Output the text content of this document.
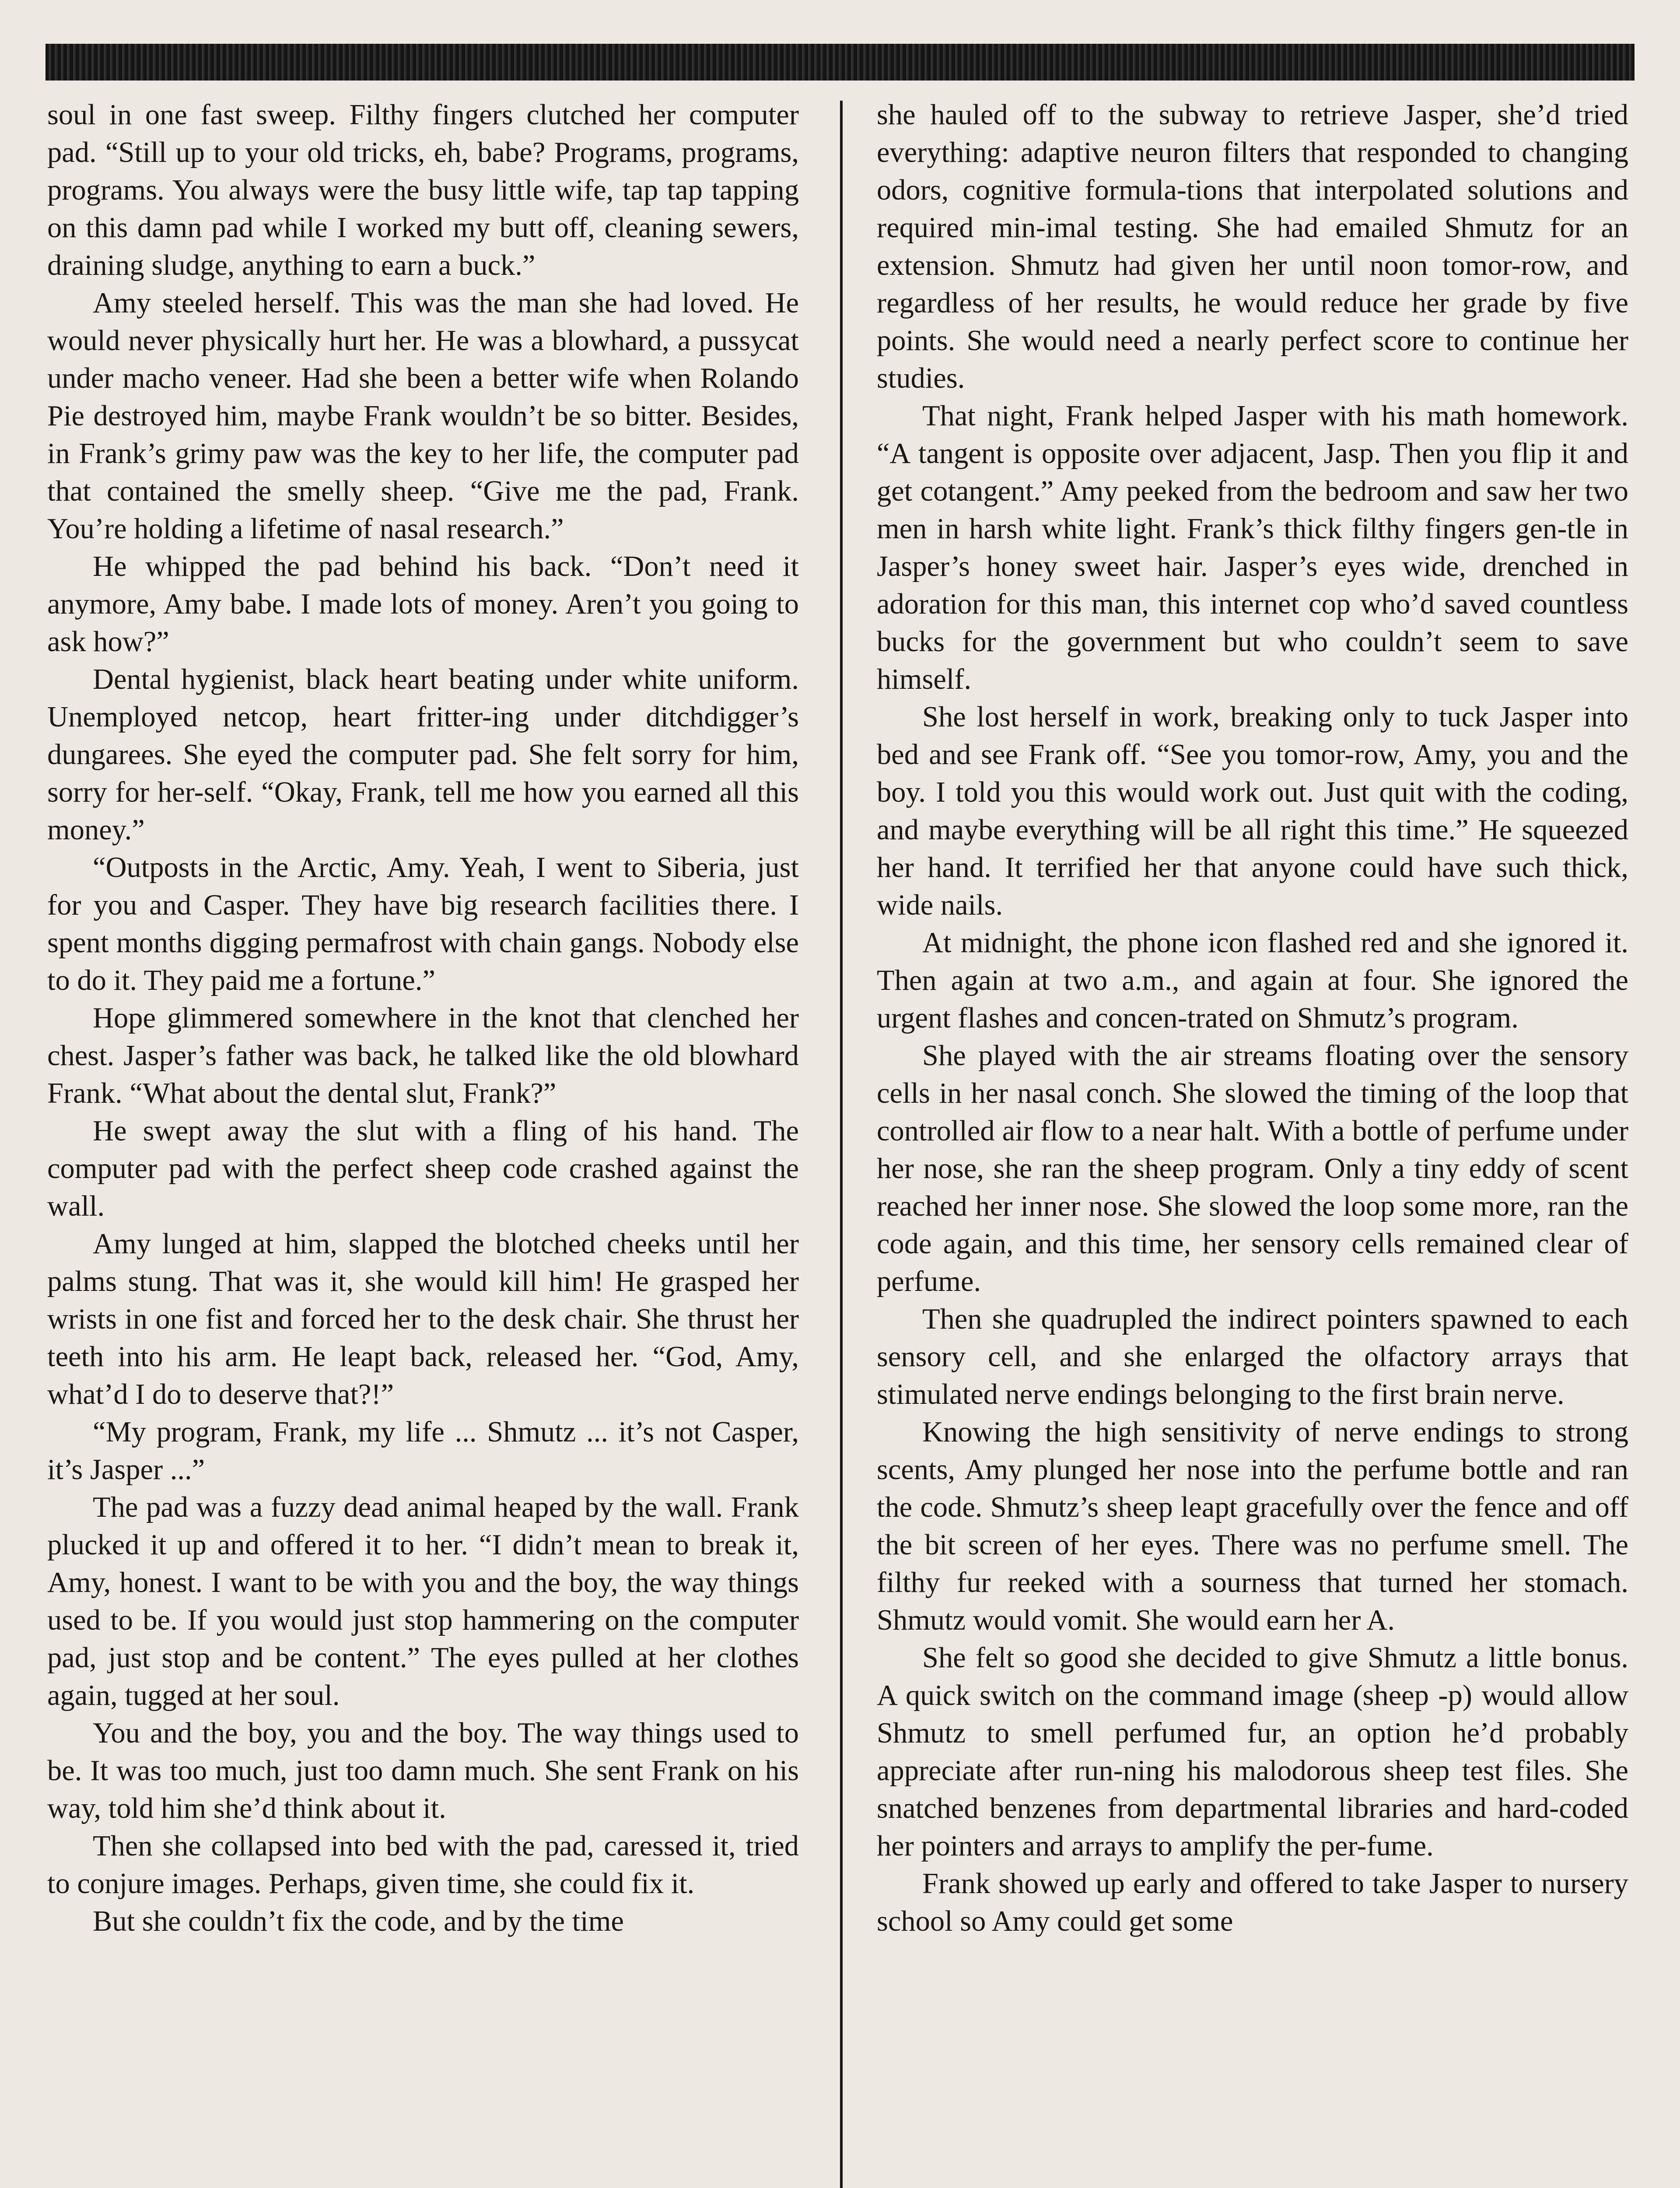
soul in one fast sweep. Filthy fingers clutched her computer pad. “Still up to your old tricks, eh, babe? Programs, programs, programs. You always were the busy little wife, tap tap tapping on this damn pad while I worked my butt off, cleaning sewers, draining sludge, anything to earn a buck.”

Amy steeled herself. This was the man she had loved. He would never physically hurt her. He was a blowhard, a pussycat under macho veneer. Had she been a better wife when Rolando Pie destroyed him, maybe Frank wouldn’t be so bitter. Besides, in Frank’s grimy paw was the key to her life, the computer pad that contained the smelly sheep. “Give me the pad, Frank. You’re holding a lifetime of nasal research.”

He whipped the pad behind his back. “Don’t need it anymore, Amy babe. I made lots of money. Aren’t you going to ask how?”

Dental hygienist, black heart beating under white uniform. Unemployed netcop, heart fritter-ing under ditchdigger’s dungarees. She eyed the computer pad. She felt sorry for him, sorry for her-self. “Okay, Frank, tell me how you earned all this money.”

“Outposts in the Arctic, Amy. Yeah, I went to Siberia, just for you and Casper. They have big research facilities there. I spent months digging permafrost with chain gangs. Nobody else to do it. They paid me a fortune.”

Hope glimmered somewhere in the knot that clenched her chest. Jasper’s father was back, he talked like the old blowhard Frank. “What about the dental slut, Frank?”

He swept away the slut with a fling of his hand. The computer pad with the perfect sheep code crashed against the wall.

Amy lunged at him, slapped the blotched cheeks until her palms stung. That was it, she would kill him! He grasped her wrists in one fist and forced her to the desk chair. She thrust her teeth into his arm. He leapt back, released her. “God, Amy, what’d I do to deserve that?!”

“My program, Frank, my life ... Shmutz ... it’s not Casper, it’s Jasper ...”

The pad was a fuzzy dead animal heaped by the wall. Frank plucked it up and offered it to her. “I didn’t mean to break it, Amy, honest. I want to be with you and the boy, the way things used to be. If you would just stop hammering on the computer pad, just stop and be content.” The eyes pulled at her clothes again, tugged at her soul.

You and the boy, you and the boy. The way things used to be. It was too much, just too damn much. She sent Frank on his way, told him she’d think about it.

Then she collapsed into bed with the pad, caressed it, tried to conjure images. Perhaps, given time, she could fix it.

But she couldn’t fix the code, and by the time

she hauled off to the subway to retrieve Jasper, she’d tried everything: adaptive neuron filters that responded to changing odors, cognitive formula-tions that interpolated solutions and required min-imal testing. She had emailed Shmutz for an extension. Shmutz had given her until noon tomor-row, and regardless of her results, he would reduce her grade by five points. She would need a nearly perfect score to continue her studies.

That night, Frank helped Jasper with his math homework. “A tangent is opposite over adjacent, Jasp. Then you flip it and get cotangent.” Amy peeked from the bedroom and saw her two men in harsh white light. Frank’s thick filthy fingers gen-tle in Jasper’s honey sweet hair. Jasper’s eyes wide, drenched in adoration for this man, this internet cop who’d saved countless bucks for the government but who couldn’t seem to save himself.

She lost herself in work, breaking only to tuck Jasper into bed and see Frank off. “See you tomor-row, Amy, you and the boy. I told you this would work out. Just quit with the coding, and maybe everything will be all right this time.” He squeezed her hand. It terrified her that anyone could have such thick, wide nails.

At midnight, the phone icon flashed red and she ignored it. Then again at two a.m., and again at four. She ignored the urgent flashes and concen-trated on Shmutz’s program.

She played with the air streams floating over the sensory cells in her nasal conch. She slowed the timing of the loop that controlled air flow to a near halt. With a bottle of perfume under her nose, she ran the sheep program. Only a tiny eddy of scent reached her inner nose. She slowed the loop some more, ran the code again, and this time, her sensory cells remained clear of perfume.

Then she quadrupled the indirect pointers spawned to each sensory cell, and she enlarged the olfactory arrays that stimulated nerve endings belonging to the first brain nerve.

Knowing the high sensitivity of nerve endings to strong scents, Amy plunged her nose into the perfume bottle and ran the code. Shmutz’s sheep leapt gracefully over the fence and off the bit screen of her eyes. There was no perfume smell. The filthy fur reeked with a sourness that turned her stomach. Shmutz would vomit. She would earn her A.

She felt so good she decided to give Shmutz a little bonus. A quick switch on the command image (sheep -p) would allow Shmutz to smell perfumed fur, an option he’d probably appreciate after run-ning his malodorous sheep test files. She snatched benzenes from departmental libraries and hard-coded her pointers and arrays to amplify the per-fume.

Frank showed up early and offered to take Jasper to nursery school so Amy could get some
